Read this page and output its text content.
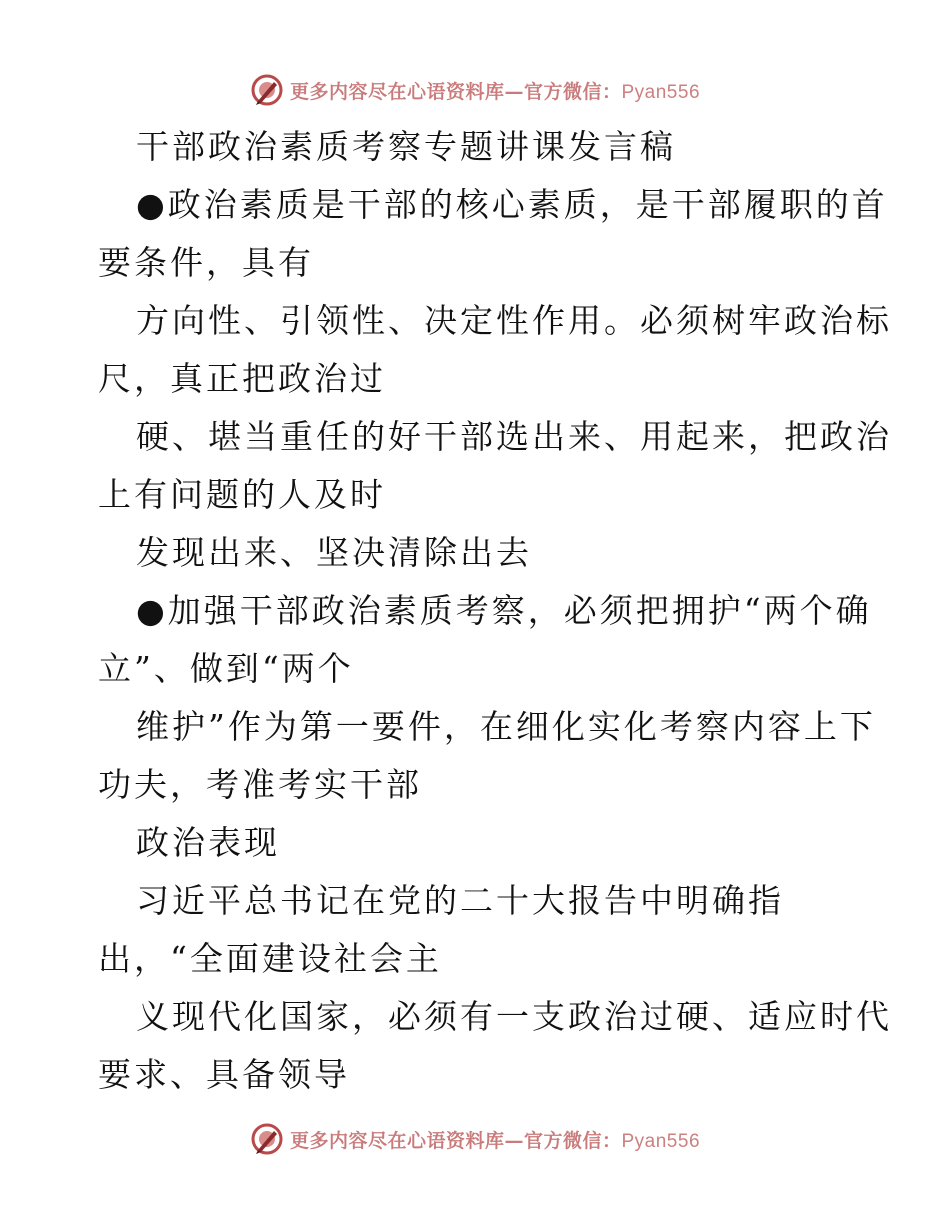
更多内容尽在心语资料库—官方微信：Pyan556
干部政治素质考察专题讲课发言稿
●政治素质是干部的核心素质，是干部履职的首
要条件，具有
方向性、引领性、决定性作用。必须树牢政治标
尺，真正把政治过
硬、堪当重任的好干部选出来、用起来，把政治
上有问题的人及时
发现出来、坚决清除出去
●加强干部政治素质考察，必须把拥护“两个确
立”、做到“两个
维护”作为第一要件，在细化实化考察内容上下
功夫，考准考实干部
政治表现
习近平总书记在党的二十大报告中明确指
出，“全面建设社会主
义现代化国家，必须有一支政治过硬、适应时代
要求、具备领导
更多内容尽在心语资料库—官方微信：Pyan556
